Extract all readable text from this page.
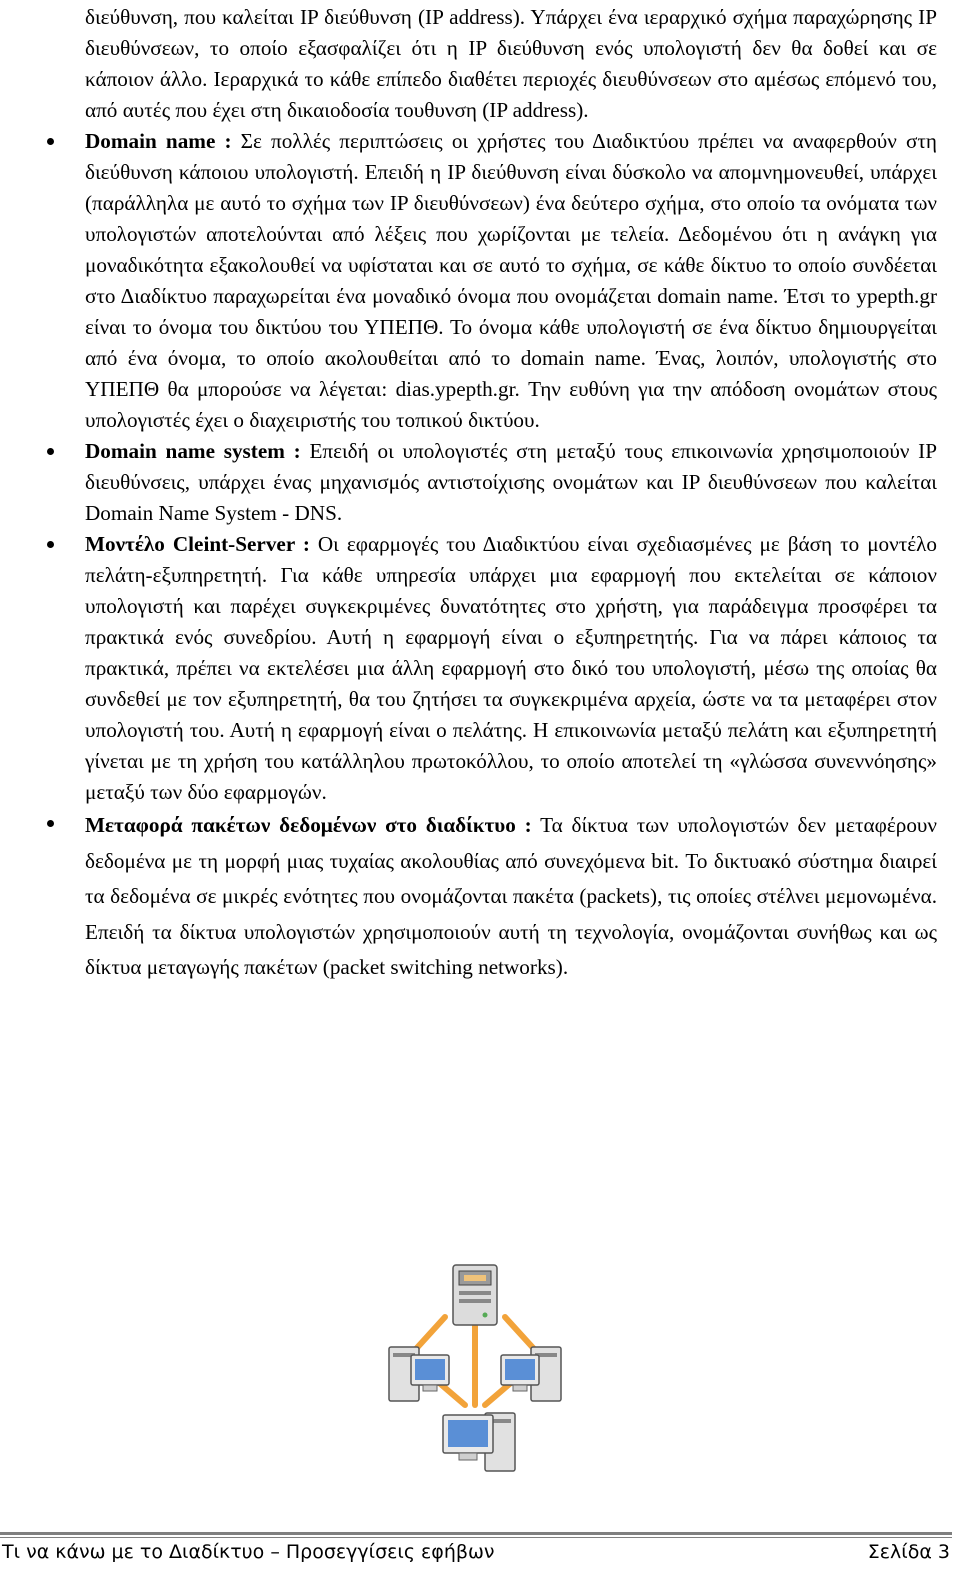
διεύθυνση, που καλείται IP διεύθυνση (IP address). Υπάρχει ένα ιεραρχικό σχήμα παραχώρησης IP διευθύνσεων, το οποίο εξασφαλίζει ότι η IP διεύθυνση ενός υπολογιστή δεν θα δοθεί και σε κάποιον άλλο. Ιεραρχικά το κάθε επίπεδο διαθέτει περιοχές διευθύνσεων στο αμέσως επόμενό του, από αυτές που έχει στη δικαιοδοσία τουθυνση (IP address).

Domain name : Σε πολλές περιπτώσεις οι χρήστες του Διαδικτύου πρέπει να αναφερθούν στη διεύθυνση κάποιου υπολογιστή. Επειδή η IP διεύθυνση είναι δύσκολο να απομνημονευθεί, υπάρχει (παράλληλα με αυτό το σχήμα των IP διευθύνσεων) ένα δεύτερο σχήμα, στο οποίο τα ονόματα των υπολογιστών αποτελούνται από λέξεις που χωρίζονται με τελεία. Δεδομένου ότι η ανάγκη για μοναδικότητα εξακολουθεί να υφίσταται και σε αυτό το σχήμα, σε κάθε δίκτυο το οποίο συνδέεται στο Διαδίκτυο παραχωρείται ένα μοναδικό όνομα που ονομάζεται domain name. Έτσι το ypepth.gr είναι το όνομα του δικτύου του ΥΠΕΠΘ. Το όνομα κάθε υπολογιστή σε ένα δίκτυο δημιουργείται από ένα όνομα, το οποίο ακολουθείται από το domain name. Ένας, λοιπόν, υπολογιστής στο ΥΠΕΠΘ θα μπορούσε να λέγεται: dias.ypepth.gr. Την ευθύνη για την απόδοση ονομάτων στους υπολογιστές έχει ο διαχειριστής του τοπικού δικτύου.

Domain name system : Επειδή οι υπολογιστές στη μεταξύ τους επικοινωνία χρησιμοποιούν IP διευθύνσεις, υπάρχει ένας μηχανισμός αντιστοίχισης ονομάτων και IP διευθύνσεων που καλείται Domain Name System - DNS.

Μοντέλο Cleint-Server : Οι εφαρμογές του Διαδικτύου είναι σχεδιασμένες με βάση το μοντέλο πελάτη-εξυπηρετητή. Για κάθε υπηρεσία υπάρχει μια εφαρμογή που εκτελείται σε κάποιον υπολογιστή και παρέχει συγκεκριμένες δυνατότητες στο χρήστη, για παράδειγμα προσφέρει τα πρακτικά ενός συνεδρίου. Αυτή η εφαρμογή είναι ο εξυπηρετητής. Για να πάρει κάποιος τα πρακτικά, πρέπει να εκτελέσει μια άλλη εφαρμογή στο δικό του υπολογιστή, μέσω της οποίας θα συνδεθεί με τον εξυπηρετητή, θα του ζητήσει τα συγκεκριμένα αρχεία, ώστε να τα μεταφέρει στον υπολογιστή του. Αυτή η εφαρμογή είναι ο πελάτης. Η επικοινωνία μεταξύ πελάτη και εξυπηρετητή γίνεται με τη χρήση του κατάλληλου πρωτοκόλλου, το οποίο αποτελεί τη «γλώσσα συνεννόησης» μεταξύ των δύο εφαρμογών.

Μεταφορά πακέτων δεδομένων στο διαδίκτυο : Τα δίκτυα των υπολογιστών δεν μεταφέρουν δεδομένα με τη μορφή μιας τυχαίας ακολουθίας από συνεχόμενα bit. Το δικτυακό σύστημα διαιρεί τα δεδομένα σε μικρές ενότητες που ονομάζονται πακέτα (packets), τις οποίες στέλνει μεμονωμένα. Επειδή τα δίκτυα υπολογιστών χρησιμοποιούν αυτή τη τεχνολογία, ονομάζονται συνήθως και ως δίκτυα μεταγωγής πακέτων (packet switching networks).

Τι να κάνω με το Διαδίκτυο – Προσεγγίσεις εφήβων	Σελίδα 3
